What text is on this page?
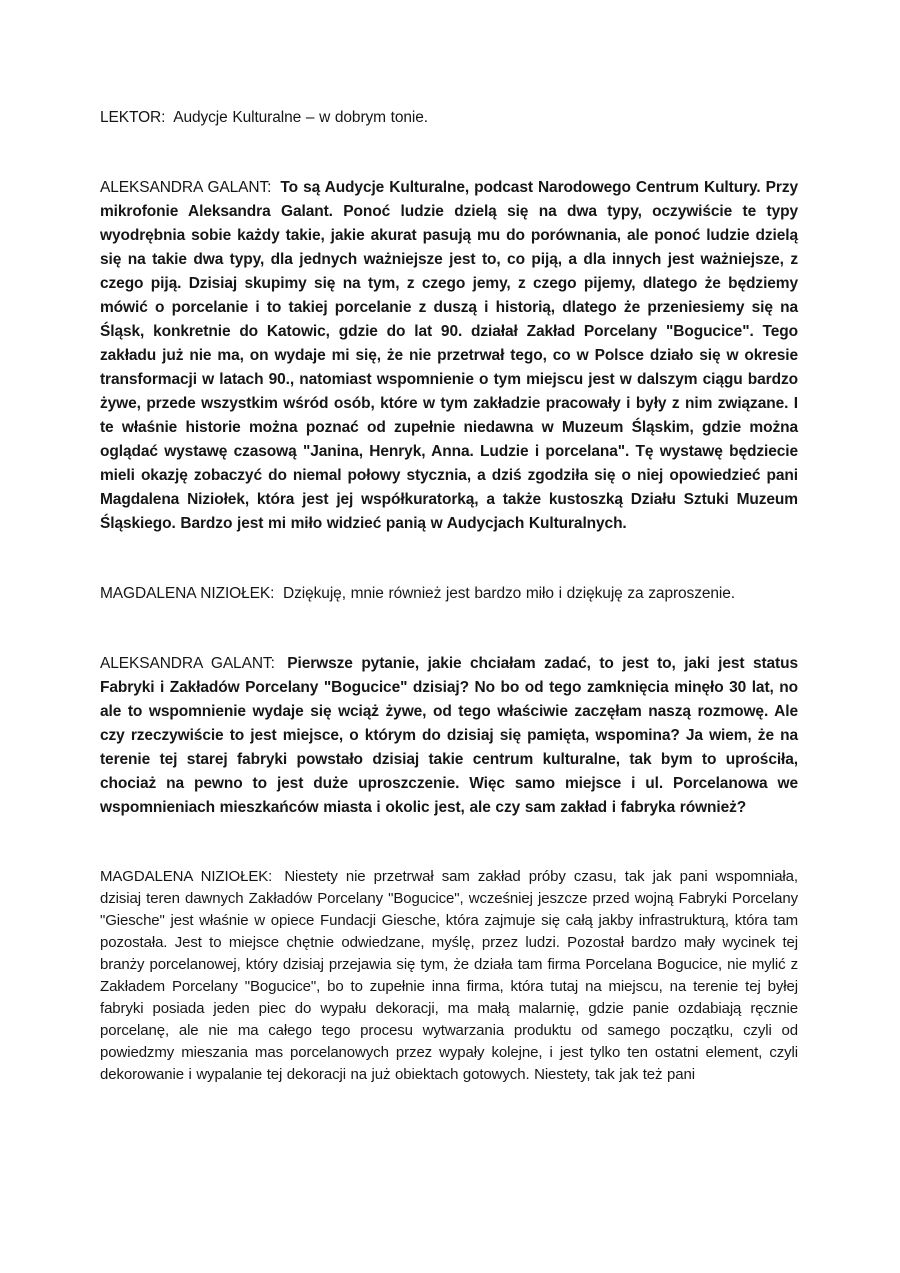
LEKTOR: Audycje Kulturalne – w dobrym tonie.

ALEKSANDRA GALANT: To są Audycje Kulturalne, podcast Narodowego Centrum Kultury. Przy mikrofonie Aleksandra Galant. Ponoć ludzie dzielą się na dwa typy, oczywiście te typy wyodrębnia sobie każdy takie, jakie akurat pasują mu do porównania, ale ponoć ludzie dzielą się na takie dwa typy, dla jednych ważniejsze jest to, co piją, a dla innych jest ważniejsze, z czego piją. Dzisiaj skupimy się na tym, z czego jemy, z czego pijemy, dlatego że będziemy mówić o porcelanie i to takiej porcelanie z duszą i historią, dlatego że przeniesiemy się na Śląsk, konkretnie do Katowic, gdzie do lat 90. działał Zakład Porcelany "Bogucice". Tego zakładu już nie ma, on wydaje mi się, że nie przetrwał tego, co w Polsce działo się w okresie transformacji w latach 90., natomiast wspomnienie o tym miejscu jest w dalszym ciągu bardzo żywe, przede wszystkim wśród osób, które w tym zakładzie pracowały i były z nim związane. I te właśnie historie można poznać od zupełnie niedawna w Muzeum Śląskim, gdzie można oglądać wystawę czasową "Janina, Henryk, Anna. Ludzie i porcelana". Tę wystawę będziecie mieli okazję zobaczyć do niemal połowy stycznia, a dziś zgodziła się o niej opowiedzieć pani Magdalena Niziołek, która jest jej współkuratorką, a także kustoszką Działu Sztuki Muzeum Śląskiego. Bardzo jest mi miło widzieć panią w Audycjach Kulturalnych.

MAGDALENA NIZIOŁEK: Dziękuję, mnie również jest bardzo miło i dziękuję za zaproszenie.

ALEKSANDRA GALANT: Pierwsze pytanie, jakie chciałam zadać, to jest to, jaki jest status Fabryki i Zakładów Porcelany "Bogucice" dzisiaj? No bo od tego zamknięcia minęło 30 lat, no ale to wspomnienie wydaje się wciąż żywe, od tego właściwie zaczęłam naszą rozmowę. Ale czy rzeczywiście to jest miejsce, o którym do dzisiaj się pamięta, wspomina? Ja wiem, że na terenie tej starej fabryki powstało dzisiaj takie centrum kulturalne, tak bym to uprościła, chociaż na pewno to jest duże uproszczenie. Więc samo miejsce i ul. Porcelanowa we wspomnieniach mieszkańców miasta i okolic jest, ale czy sam zakład i fabryka również?

MAGDALENA NIZIOŁEK: Niestety nie przetrwał sam zakład próby czasu, tak jak pani wspomniała, dzisiaj teren dawnych Zakładów Porcelany "Bogucice", wcześniej jeszcze przed wojną Fabryki Porcelany "Giesche" jest właśnie w opiece Fundacji Giesche, która zajmuje się całą jakby infrastrukturą, która tam pozostała. Jest to miejsce chętnie odwiedzane, myślę, przez ludzi. Pozostał bardzo mały wycinek tej branży porcelanowej, który dzisiaj przejawia się tym, że działa tam firma Porcelana Bogucice, nie mylić z Zakładem Porcelany "Bogucice", bo to zupełnie inna firma, która tutaj na miejscu, na terenie tej byłej fabryki posiada jeden piec do wypału dekoracji, ma małą malarnię, gdzie panie ozdabiają ręcznie porcelanę, ale nie ma całego tego procesu wytwarzania produktu od samego początku, czyli od powiedzmy mieszania mas porcelanowych przez wypały kolejne, i jest tylko ten ostatni element, czyli dekorowanie i wypalanie tej dekoracji na już obiektach gotowych. Niestety, tak jak też pani
